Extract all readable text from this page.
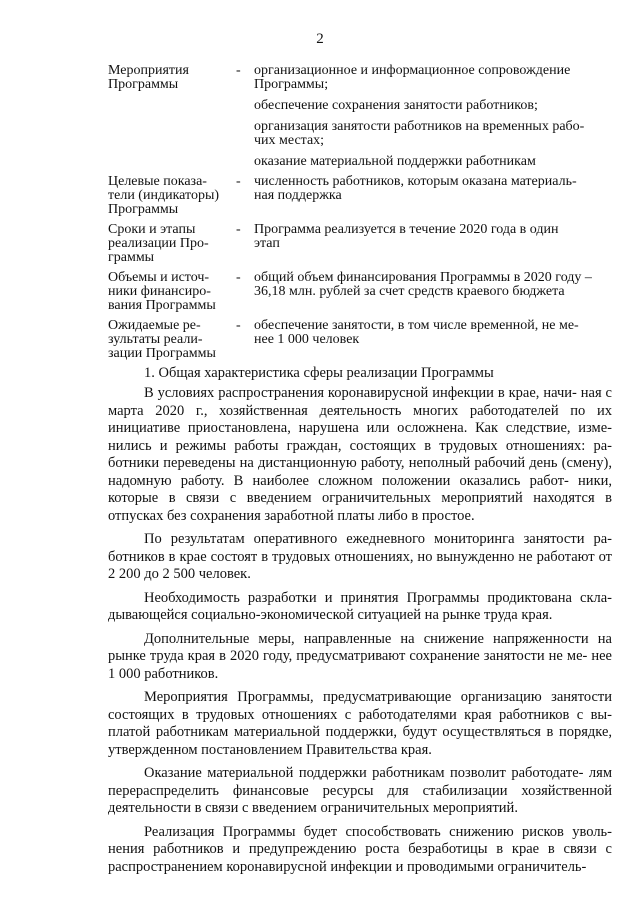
2
Мероприятия
Программы
- организационное и информационное сопровождение
Программы;
обеспечение сохранения занятости работников;
организация занятости работников на временных рабо-
чих местах;
оказание материальной поддержки работникам
Целевые показа-
тели (индикаторы)
Программы
- численность работников, которым оказана материаль-
ная поддержка
Сроки и этапы
реализации Про-
граммы
- Программа реализуется в течение 2020 года в один
этап
Объемы и источ-
ники финансиро-
вания Программы
- общий объем финансирования Программы в 2020 году –
36,18 млн. рублей за счет средств краевого бюджета
Ожидаемые ре-
зультаты реали-
зации Программы
- обеспечение занятости, в том числе временной, не ме-
нее 1 000 человек
1. Общая характеристика сферы реализации Программы

В условиях распространения коронавирусной инфекции в крае, начи- ная с марта 2020 г., хозяйственная деятельность многих работодателей по их инициативе приостановлена, нарушена или осложнена. Как следствие, изме- нились и режимы работы граждан, состоящих в трудовых отношениях: ра- ботники переведены на дистанционную работу, неполный рабочий день (смену), надомную работу. В наиболее сложном положении оказались работ- ники, которые в связи с введением ограничительных мероприятий находятся в отпусках без сохранения заработной платы либо в простое.

По результатам оперативного ежедневного мониторинга занятости ра- ботников в крае состоят в трудовых отношениях, но вынужденно не работают от 2 200 до 2 500 человек.

Необходимость разработки и принятия Программы продиктована скла- дывающейся социально-экономической ситуацией на рынке труда края.

Дополнительные меры, направленные на снижение напряженности на рынке труда края в 2020 году, предусматривают сохранение занятости не ме- нее 1 000 работников.

Мероприятия Программы, предусматривающие организацию занятости состоящих в трудовых отношениях с работодателями края работников с вы- платой работникам материальной поддержки, будут осуществляться в порядке, утвержденном постановлением Правительства края.

Оказание материальной поддержки работникам позволит работодате- лям перераспределить финансовые ресурсы для стабилизации хозяйственной деятельности в связи с введением ограничительных мероприятий.

Реализация Программы будет способствовать снижению рисков уволь- нения работников и предупреждению роста безработицы в крае в связи с распространением коронавирусной инфекции и проводимыми ограничитель-
